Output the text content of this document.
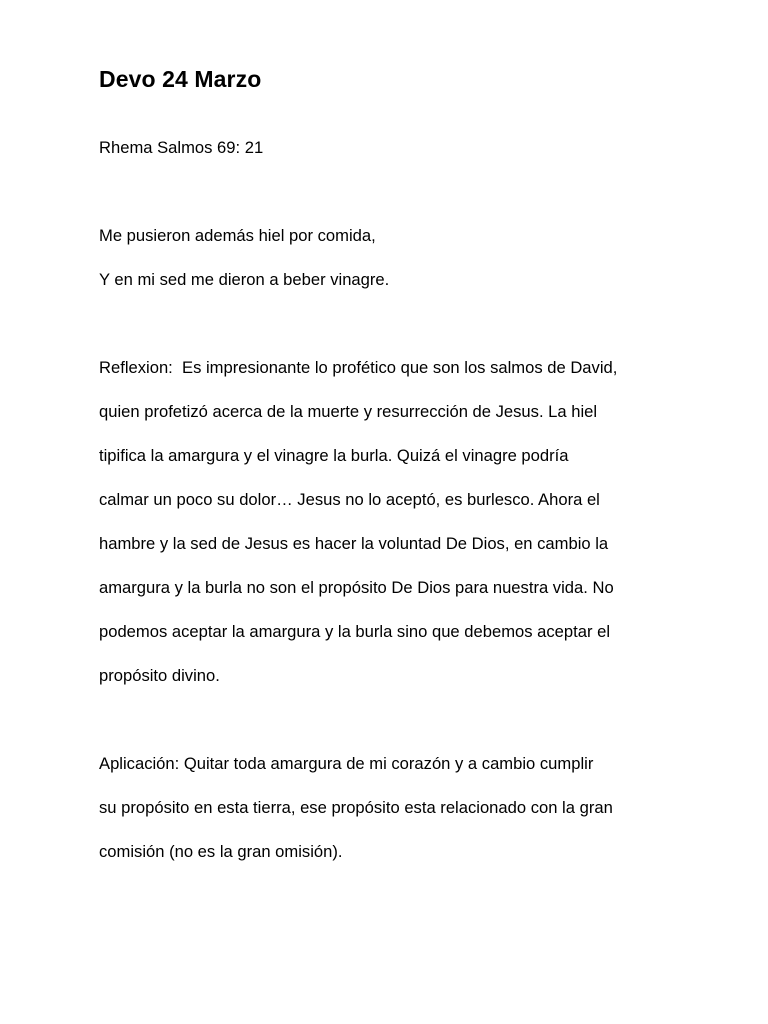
Devo 24 Marzo

Rhema Salmos 69: 21

Me pusieron además hiel por comida,

Y en mi sed me dieron a beber vinagre.

Reflexion:  Es impresionante lo profético que son los salmos de David,

quien profetizó acerca de la muerte y resurrección de Jesus. La hiel

tipifica la amargura y el vinagre la burla. Quizá el vinagre podría

calmar un poco su dolor… Jesus no lo aceptó, es burlesco. Ahora el

hambre y la sed de Jesus es hacer la voluntad De Dios, en cambio la

amargura y la burla no son el propósito De Dios para nuestra vida. No

podemos aceptar la amargura y la burla sino que debemos aceptar el

propósito divino.

Aplicación: Quitar toda amargura de mi corazón y a cambio cumplir

su propósito en esta tierra, ese propósito esta relacionado con la gran

comisión (no es la gran omisión).
